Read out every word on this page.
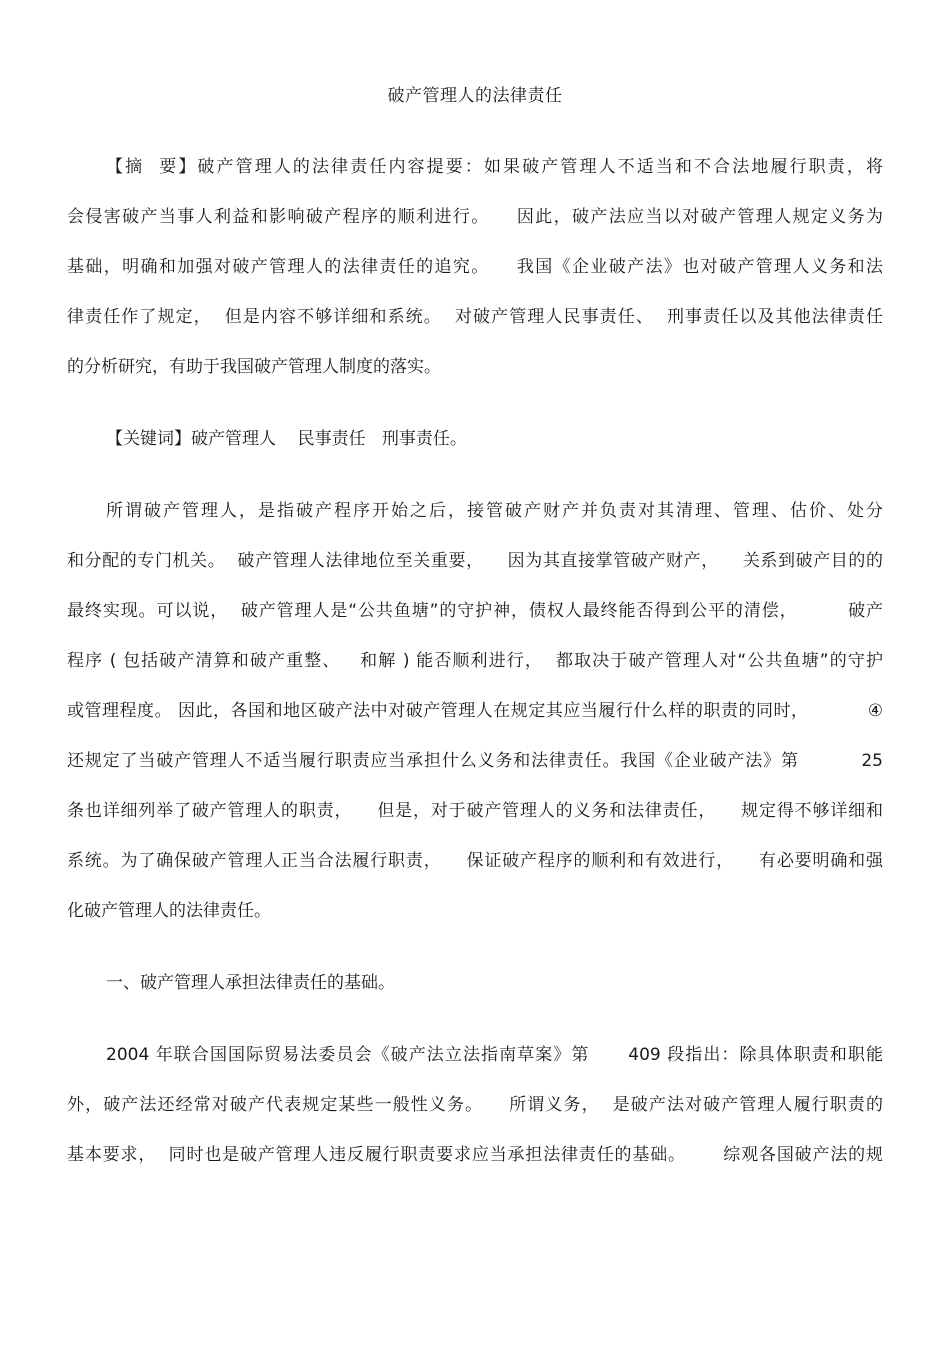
破产管理人的法律责任
【摘  要】破产管理人的法律责任内容提要：如果破产管理人不适当和不合法地履行职责，将
会侵害破产当事人利益和影响破产程序的顺利进行。    因此，破产法应当以对破产管理人规定义务为
基础，明确和加强对破产管理人的法律责任的追究。    我国《企业破产法》也对破产管理人义务和法
律责任作了规定，  但是内容不够详细和系统。  对破产管理人民事责任、  刑事责任以及其他法律责任
的分析研究，有助于我国破产管理人制度的落实。
【关键词】破产管理人    民事责任   刑事责任。
所谓破产管理人，是指破产程序开始之后，接管破产财产并负责对其清理、管理、估价、处分
和分配的专门机关。  破产管理人法律地位至关重要，    因为其直接掌管破产财产，    关系到破产目的的
最终实现。可以说，  破产管理人是“公共鱼塘”的守护神，债权人最终能否得到公平的清偿，        破产
程序 ( 包括破产清算和破产重整、   和解 ) 能否顺利进行，  都取决于破产管理人对“公共鱼塘”的守护
或管理程度。 因此，各国和地区破产法中对破产管理人在规定其应当履行什么样的职责的同时，          ④
还规定了当破产管理人不适当履行职责应当承担什么义务和法律责任。我国《企业破产法》第          25
条也详细列举了破产管理人的职责，    但是，对于破产管理人的义务和法律责任，    规定得不够详细和
系统。为了确保破产管理人正当合法履行职责，    保证破产程序的顺利和有效进行，    有必要明确和强
化破产管理人的法律责任。
一、破产管理人承担法律责任的基础。
2004 年联合国国际贸易法委员会《破产法立法指南草案》第      409 段指出：除具体职责和职能
外，破产法还经常对破产代表规定某些一般性义务。    所谓义务，  是破产法对破产管理人履行职责的
基本要求，  同时也是破产管理人违反履行职责要求应当承担法律责任的基础。      综观各国破产法的规
